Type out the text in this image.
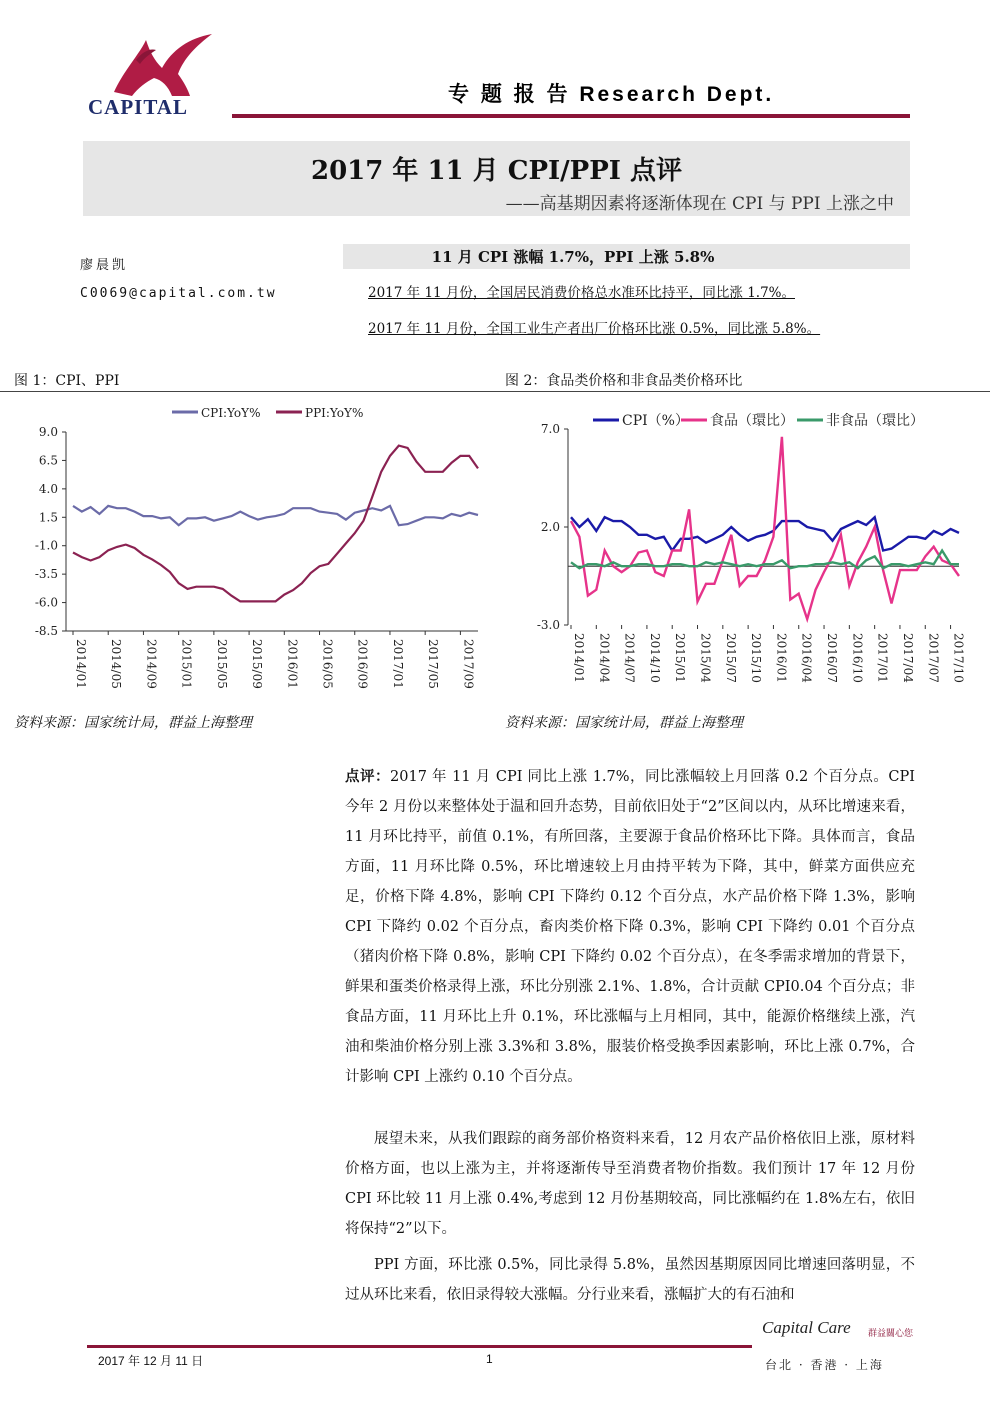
CAPITAL
专 题 报 告 Research Dept.
2017 年 11 月 CPI/PPI 点评
——高基期因素将逐渐体现在 CPI 与 PPI 上涨之中
廖晨凯
C0069@capital.com.tw
11 月 CPI 涨幅 1.7%，PPI 上涨 5.8%
2017 年 11 月份，全国居民消费价格总水准环比持平，同比涨 1.7%。
2017 年 11 月份，全国工业生产者出厂价格环比涨 0.5%，同比涨 5.8%。
图 1：CPI、PPI	图 2：食品类价格和非食品类价格环比
9.0
6.5
4.0
1.5
-1.0
-3.5
-6.0
-8.5
2014/01 2014/05 2014/09 2015/01 2015/05 2015/09 2016/01 2016/05 2016/09 2017/01 2017/05 2017/09
CPI:YoY%	PPI:YoY%
7.0
2.0
-3.0
2014/01 2014/04 2014/07 2014/10 2015/01 2015/04 2015/07 2015/10 2016/01 2016/04 2016/07 2016/10 2017/01 2017/04 2017/07 2017/10
CPI（%） 食品（環比） 非食品（環比）
资料来源：国家统计局，群益上海整理	资料来源：国家统计局，群益上海整理
点评：2017 年 11 月 CPI 同比上涨 1.7%，同比涨幅较上月回落 0.2 个百分点。CPI 今年 2 月份以来整体处于温和回升态势，目前依旧处于“2”区间以内，从环比增速来看，11 月环比持平，前值 0.1%，有所回落，主要源于食品价格环比下降。具体而言，食品方面，11 月环比降 0.5%，环比增速较上月由持平转为下降，其中，鲜菜方面供应充足，价格下降 4.8%，影响 CPI 下降约 0.12 个百分点，水产品价格下降 1.3%，影响 CPI 下降约 0.02 个百分点，畜肉类价格下降 0.3%，影响 CPI 下降约 0.01 个百分点（猪肉价格下降 0.8%，影响 CPI 下降约 0.02 个百分点），在冬季需求增加的背景下，鲜果和蛋类价格录得上涨，环比分别涨 2.1%、1.8%，合计贡献 CPI0.04 个百分点；非食品方面，11 月环比上升 0.1%，环比涨幅与上月相同，其中，能源价格继续上涨，汽油和柴油价格分别上涨 3.3%和 3.8%，服装价格受换季因素影响，环比上涨 0.7%，合计影响 CPI 上涨约 0.10 个百分点。
展望未来，从我们跟踪的商务部价格资料来看，12 月农产品价格依旧上涨，原材料价格方面，也以上涨为主，并将逐渐传导至消费者物价指数。我们预计 17 年 12 月份 CPI 环比较 11 月上涨 0.4%,考虑到 12 月份基期较高，同比涨幅约在 1.8%左右，依旧将保持“2”以下。
PPI 方面，环比涨 0.5%，同比录得 5.8%，虽然因基期原因同比增速回落明显，不过从环比来看，依旧录得较大涨幅。分行业来看，涨幅扩大的有石油和
2017 年 12 月 11 日	1
Capital Care 群益關心您
台北 · 香港 · 上海
